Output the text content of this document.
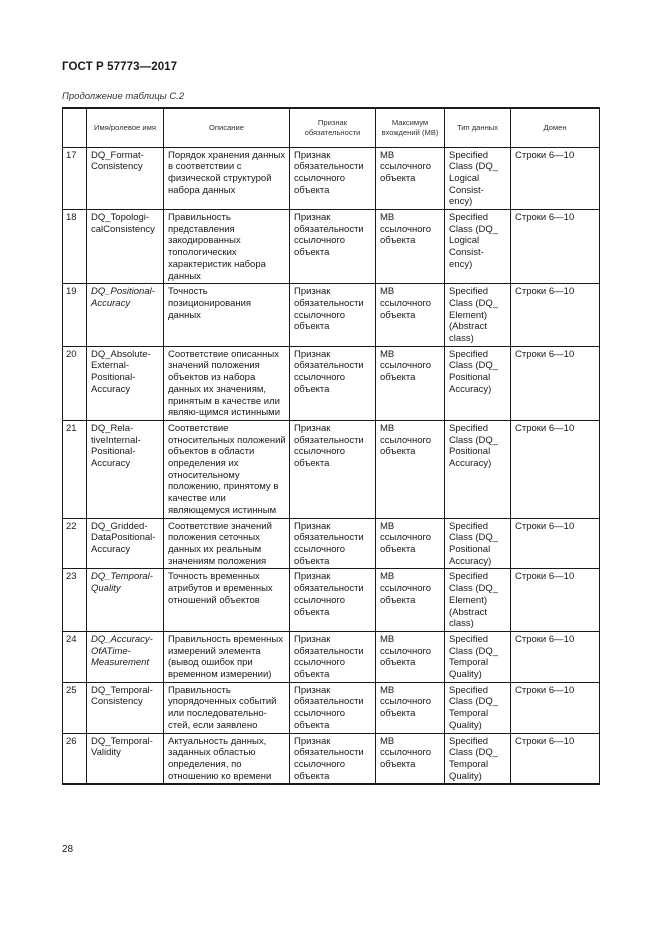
ГОСТ Р 57773—2017
Продолжение таблицы С.2
	Имя/ролевое имя	Описание	Признак обязательности	Максимум вхождений (MB)	Тип данных	Домен
17	DQ_Format-Consistency	Порядок хранения данных в соответствии с физической структурой набора данных	Признак обязательности ссылочного объекта	MB ссылочного объекта	Specified Class (DQ_ Logical Consist-ency)	Строки 6—10
18	DQ_Topologi-calConsistency	Правильность представления закодированных топологических характеристик набора данных	Признак обязательности ссылочного объекта	MB ссылочного объекта	Specified Class (DQ_ Logical Consist-ency)	Строки 6—10
19	DQ_Positional-Accuracy	Точность позиционирования данных	Признак обязательности ссылочного объекта	MB ссылочного объекта	Specified Class (DQ_ Element) (Abstract class)	Строки 6—10
20	DQ_Absolute-External-Positional-Accuracy	Соответствие описанных значений положения объектов из набора данных их значениям, принятым в качестве или являю-щимся истинными	Признак обязательности ссылочного объекта	MB ссылочного объекта	Specified Class (DQ_ Positional Accuracy)	Строки 6—10
21	DQ_Rela-tiveInternal-Positional-Accuracy	Соответствие относительных положений объектов в области определения их относительному положению, принятому в качестве или являющемуся истинным	Признак обязательности ссылочного объекта	MB ссылочного объекта	Specified Class (DQ_ Positional Accuracy)	Строки 6—10
22	DQ_Gridded-DataPositional-Accuracy	Соответствие значений положения сеточных данных их реальным значениям положения	Признак обязательности ссылочного объекта	MB ссылочного объекта	Specified Class (DQ_ Positional Accuracy)	Строки 6—10
23	DQ_Temporal-Quality	Точность временных атрибутов и временных отношений объектов	Признак обязательности ссылочного объекта	MB ссылочного объекта	Specified Class (DQ_ Element) (Abstract class)	Строки 6—10
24	DQ_Accuracy-OfATime-Measurement	Правильность временных измерений элемента (вывод ошибок при временном измерении)	Признак обязательности ссылочного объекта	MB ссылочного объекта	Specified Class (DQ_ Temporal Quality)	Строки 6—10
25	DQ_Temporal-Consistency	Правильность упорядоченных событий или последовательно-стей, если заявлено	Признак обязательности ссылочного объекта	MB ссылочного объекта	Specified Class (DQ_ Temporal Quality)	Строки 6—10
26	DQ_Temporal-Validity	Актуальность данных, заданных областью определения, по отношению ко времени	Признак обязательности ссылочного объекта	MB ссылочного объекта	Specified Class (DQ_ Temporal Quality)	Строки 6—10
28
